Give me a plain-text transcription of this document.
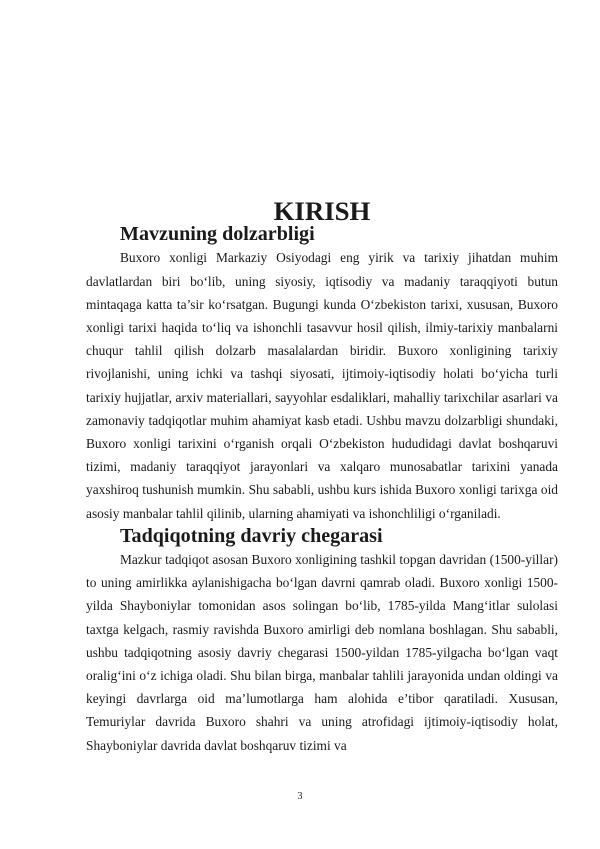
KIRISH
Mavzuning dolzarbligi

Buxoro xonligi Markaziy Osiyodagi eng yirik va tarixiy jihatdan muhim davlatlardan biri bo‘lib, uning siyosiy, iqtisodiy va madaniy taraqqiyoti butun mintaqaga katta ta’sir ko‘rsatgan. Bugungi kunda O‘zbekiston tarixi, xususan, Buxoro xonligi tarixi haqida to‘liq va ishonchli tasavvur hosil qilish, ilmiy-tarixiy manbalarni chuqur tahlil qilish dolzarb masalalardan biridir. Buxoro xonligining tarixiy rivojlanishi, uning ichki va tashqi siyosati, ijtimoiy-iqtisodiy holati bo‘yicha turli tarixiy hujjatlar, arxiv materiallari, sayyohlar esdaliklari, mahalliy tarixchilar asarlari va zamonaviy tadqiqotlar muhim ahamiyat kasb etadi. Ushbu mavzu dolzarbligi shundaki, Buxoro xonligi tarixini o‘rganish orqali O‘zbekiston hududidagi davlat boshqaruvi tizimi, madaniy taraqqiyot jarayonlari va xalqaro munosabatlar tarixini yanada yaxshiroq tushunish mumkin. Shu sababli, ushbu kurs ishida Buxoro xonligi tarixga oid asosiy manbalar tahlil qilinib, ularning ahamiyati va ishonchliligi o‘rganiladi.

Tadqiqotning davriy chegarasi

Mazkur tadqiqot asosan Buxoro xonligining tashkil topgan davridan (1500-yillar) to uning amirlikka aylanishigacha bo‘lgan davrni qamrab oladi. Buxoro xonligi 1500-yilda Shayboniylar tomonidan asos solingan bo‘lib, 1785-yilda Mang‘itlar sulolasi taxtga kelgach, rasmiy ravishda Buxoro amirligi deb nomlana boshlagan. Shu sababli, ushbu tadqiqotning asosiy davriy chegarasi 1500-yildan 1785-yilgacha bo‘lgan vaqt oralig‘ini o‘z ichiga oladi. Shu bilan birga, manbalar tahlili jarayonida undan oldingi va keyingi davrlarga oid ma’lumotlarga ham alohida e’tibor qaratiladi. Xususan, Temuriylar davrida Buxoro shahri va uning atrofidagi ijtimoiy-iqtisodiy holat, Shayboniylar davrida davlat boshqaruv tizimi va

3
